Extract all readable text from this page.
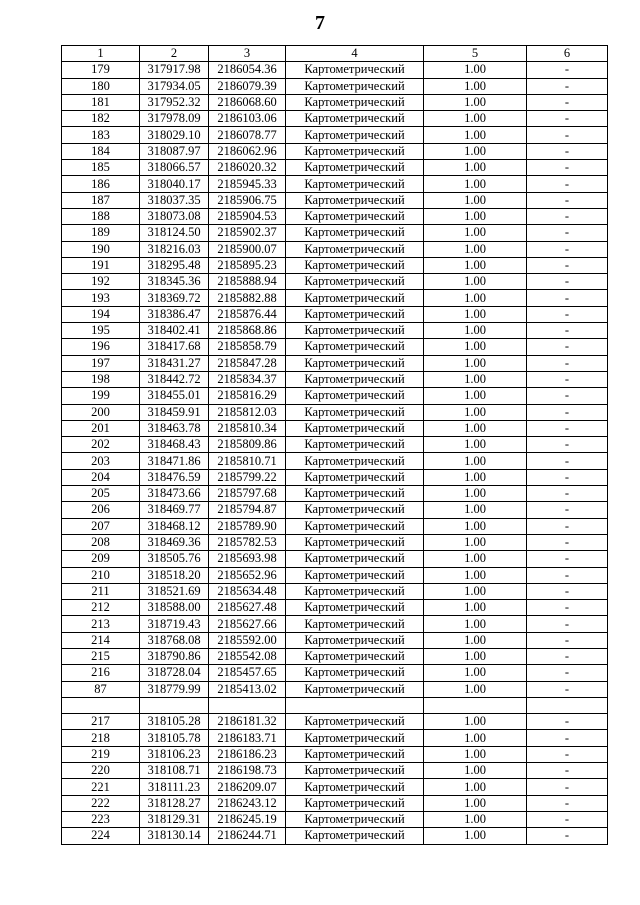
7
1	2	3	4	5	6
179	317917.98	2186054.36	Картометрический	1.00	-
180	317934.05	2186079.39	Картометрический	1.00	-
181	317952.32	2186068.60	Картометрический	1.00	-
182	317978.09	2186103.06	Картометрический	1.00	-
183	318029.10	2186078.77	Картометрический	1.00	-
184	318087.97	2186062.96	Картометрический	1.00	-
185	318066.57	2186020.32	Картометрический	1.00	-
186	318040.17	2185945.33	Картометрический	1.00	-
187	318037.35	2185906.75	Картометрический	1.00	-
188	318073.08	2185904.53	Картометрический	1.00	-
189	318124.50	2185902.37	Картометрический	1.00	-
190	318216.03	2185900.07	Картометрический	1.00	-
191	318295.48	2185895.23	Картометрический	1.00	-
192	318345.36	2185888.94	Картометрический	1.00	-
193	318369.72	2185882.88	Картометрический	1.00	-
194	318386.47	2185876.44	Картометрический	1.00	-
195	318402.41	2185868.86	Картометрический	1.00	-
196	318417.68	2185858.79	Картометрический	1.00	-
197	318431.27	2185847.28	Картометрический	1.00	-
198	318442.72	2185834.37	Картометрический	1.00	-
199	318455.01	2185816.29	Картометрический	1.00	-
200	318459.91	2185812.03	Картометрический	1.00	-
201	318463.78	2185810.34	Картометрический	1.00	-
202	318468.43	2185809.86	Картометрический	1.00	-
203	318471.86	2185810.71	Картометрический	1.00	-
204	318476.59	2185799.22	Картометрический	1.00	-
205	318473.66	2185797.68	Картометрический	1.00	-
206	318469.77	2185794.87	Картометрический	1.00	-
207	318468.12	2185789.90	Картометрический	1.00	-
208	318469.36	2185782.53	Картометрический	1.00	-
209	318505.76	2185693.98	Картометрический	1.00	-
210	318518.20	2185652.96	Картометрический	1.00	-
211	318521.69	2185634.48	Картометрический	1.00	-
212	318588.00	2185627.48	Картометрический	1.00	-
213	318719.43	2185627.66	Картометрический	1.00	-
214	318768.08	2185592.00	Картометрический	1.00	-
215	318790.86	2185542.08	Картометрический	1.00	-
216	318728.04	2185457.65	Картометрический	1.00	-
87	318779.99	2185413.02	Картометрический	1.00	-

217	318105.28	2186181.32	Картометрический	1.00	-
218	318105.78	2186183.71	Картометрический	1.00	-
219	318106.23	2186186.23	Картометрический	1.00	-
220	318108.71	2186198.73	Картометрический	1.00	-
221	318111.23	2186209.07	Картометрический	1.00	-
222	318128.27	2186243.12	Картометрический	1.00	-
223	318129.31	2186245.19	Картометрический	1.00	-
224	318130.14	2186244.71	Картометрический	1.00	-
